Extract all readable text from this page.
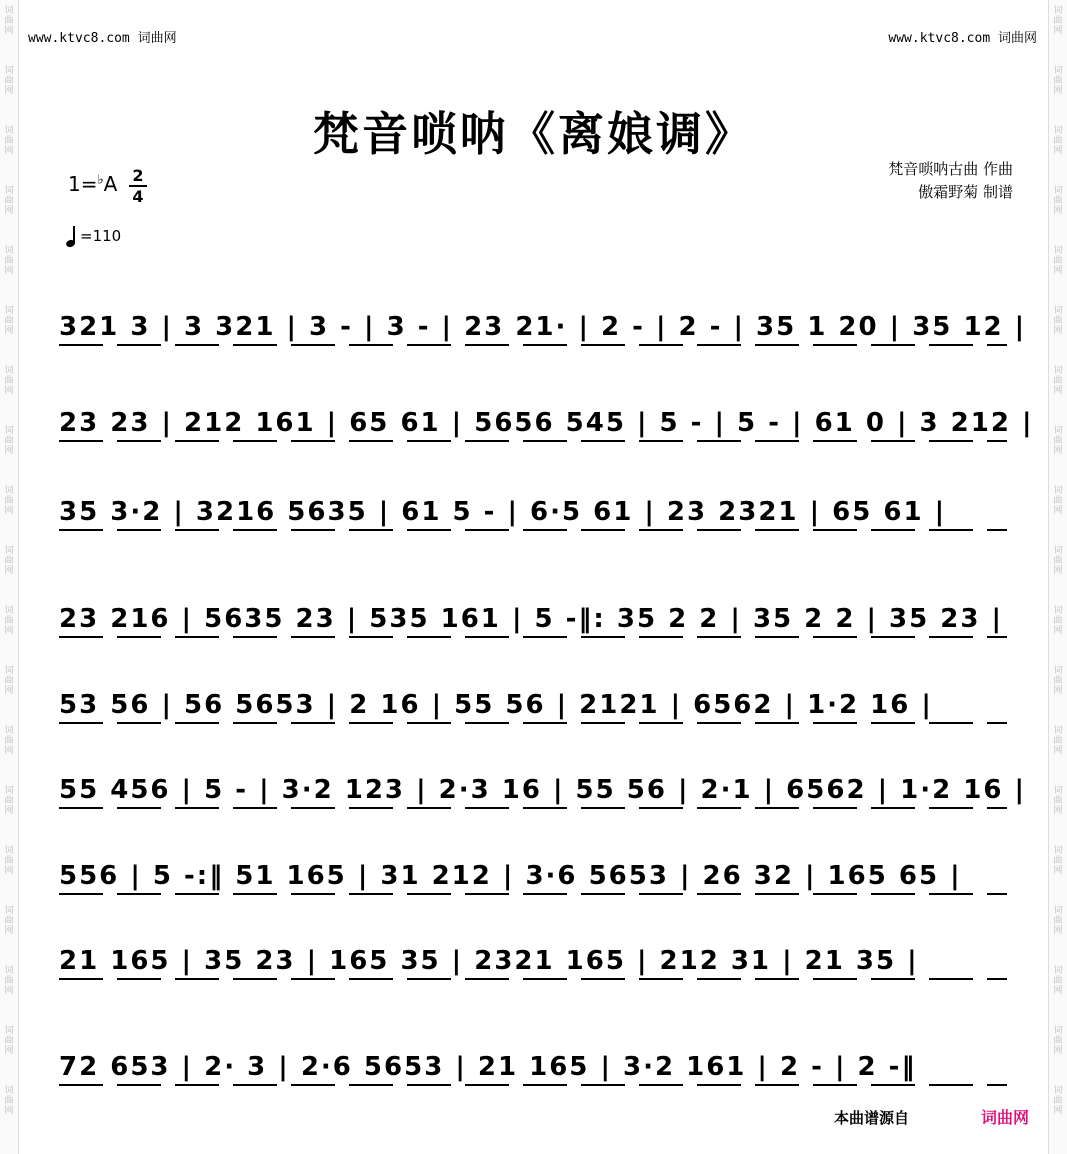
www.ktvc8.com 词曲网	www.ktvc8.com 词曲网
梵音唢呐《离娘调》
梵音唢呐古曲 作曲
傲霜野菊 制谱
1=♭A 2
4
=110
321 3 | 3 321 | 3 - | 3 - | 23 21· | 2 - | 2 - | 35 1 20 | 35 12 |
23 23 | 212 161 | 65 61 | 5656 545 | 5 - | 5 - | 61 0 | 3 212 |
35 3·2 | 3216 5635 | 61 5 - | 6·5 61 | 23 2321 | 65 61 |
23 216 | 5635 23 | 535 161 | 5 -‖: 35 2 2 | 35 2 2 | 35 23 |
53 56 | 56 5653 | 2 16 | 55 56 | 2121 | 6562 | 1·2 16 |
55 456 | 5 - | 3·2 123 | 2·3 16 | 55 56 | 2·1 | 6562 | 1·2 16 |
556 | 5 -:‖ 51 165 | 31 212 | 3·6 5653 | 26 32 | 165 65 |
21 165 | 35 23 | 165 35 | 2321 165 | 212 31 | 21 35 |
72 653 | 2· 3 | 2·6 5653 | 21 165 | 3·2 161 | 2 - | 2 -‖
本曲谱源自	词曲网
词
曲
网
词
曲
网
词
曲
网
词
曲
网
词
曲
网
词
曲
网
词
曲
网
词
曲
网
词
曲
网
词
曲
网
词
曲
网
词
曲
网
词
曲
网
词
曲
网
词
曲
网
词
曲
网
词
曲
网
词
曲
网
词
曲
网
词
曲
网
词
曲
网
词
曲
网
词
曲
网
词
曲
网
词
曲
网
词
曲
网
词
曲
网
词
曲
网
词
曲
网
词
曲
网
词
曲
网
词
曲
网
词
曲
网
词
曲
网
词
曲
网
词
曲
网
词
曲
网
词
曲
网
